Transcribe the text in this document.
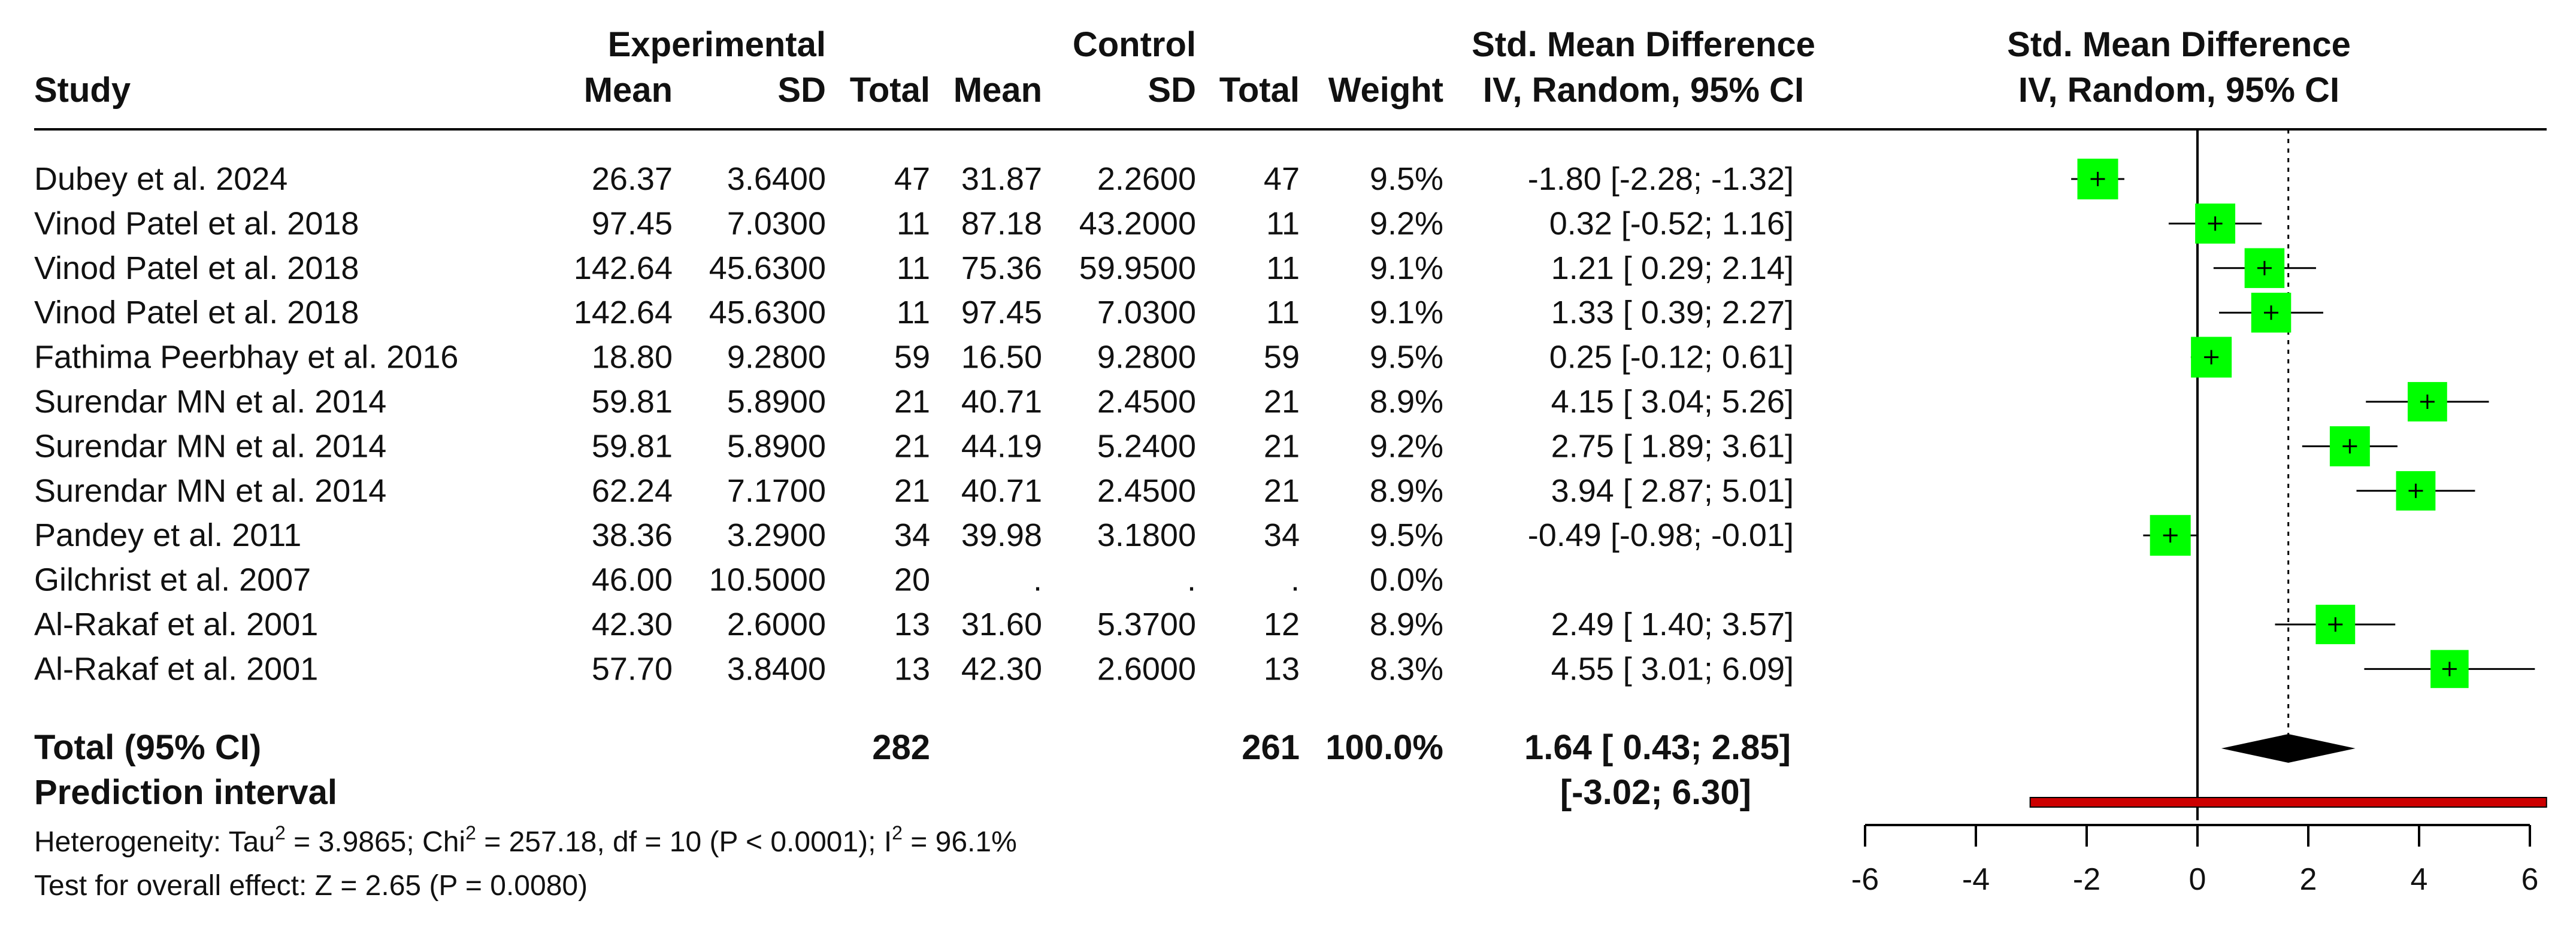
Experimental	Control	Std. Mean Difference	Std. Mean Difference
Study	Mean	SD Total Mean	SD Total Weight IV, Random, 95% CI	IV, Random, 95% CI
Dubey et al. 2024	26.37 3.6400 47 31.87 2.2600 47 9.5%	-1.80 [-2.28; -1.32]
Vinod Patel et al. 2018	97.45 7.0300 11 87.18 43.2000 11 9.2%	0.32 [-0.52; 1.16]
Vinod Patel et al. 2018	142.64 45.6300 11 75.36 59.9500 11 9.1%	1.21 [ 0.29; 2.14]
Vinod Patel et al. 2018	142.64 45.6300 11 97.45 7.0300 11 9.1%	1.33 [ 0.39; 2.27]
Fathima Peerbhay et al. 2016	18.80 9.2800 59 16.50 9.2800 59 9.5%	0.25 [-0.12; 0.61]
Surendar MN et al. 2014	59.81 5.8900 21 40.71 2.4500 21 8.9%	4.15 [ 3.04; 5.26]
Surendar MN et al. 2014	59.81 5.8900 21 44.19 5.2400 21 9.2%	2.75 [ 1.89; 3.61]
Surendar MN et al. 2014	62.24 7.1700 21 40.71 2.4500 21 8.9%	3.94 [ 2.87; 5.01]
Pandey et al. 2011	38.36 3.2900 34 39.98 3.1800 34 9.5%	-0.49 [-0.98; -0.01]
Gilchrist et al. 2007	46.00 10.5000 20	.	.	. 0.0%
Al-Rakaf et al. 2001	42.30 2.6000 13 31.60 5.3700 12 8.9%	2.49 [ 1.40; 3.57]
Al-Rakaf et al. 2001	57.70 3.8400 13 42.30 2.6000 13 8.3%	4.55 [ 3.01; 6.09]
Total (95% CI)	282	261 100.0% 1.64 [ 0.43; 2.85]
Prediction interval	[-3.02; 6.30]
Heterogeneity: Tau$^2$ = 3.9865; Chi$^2$ = 257.18, df = 10 (P < 0.0001); $I^2 = 96.1\%$
Test for overall effect: Z = 2.65 (P = 0.0080)	-6	-4	-2	0	2	4	6
